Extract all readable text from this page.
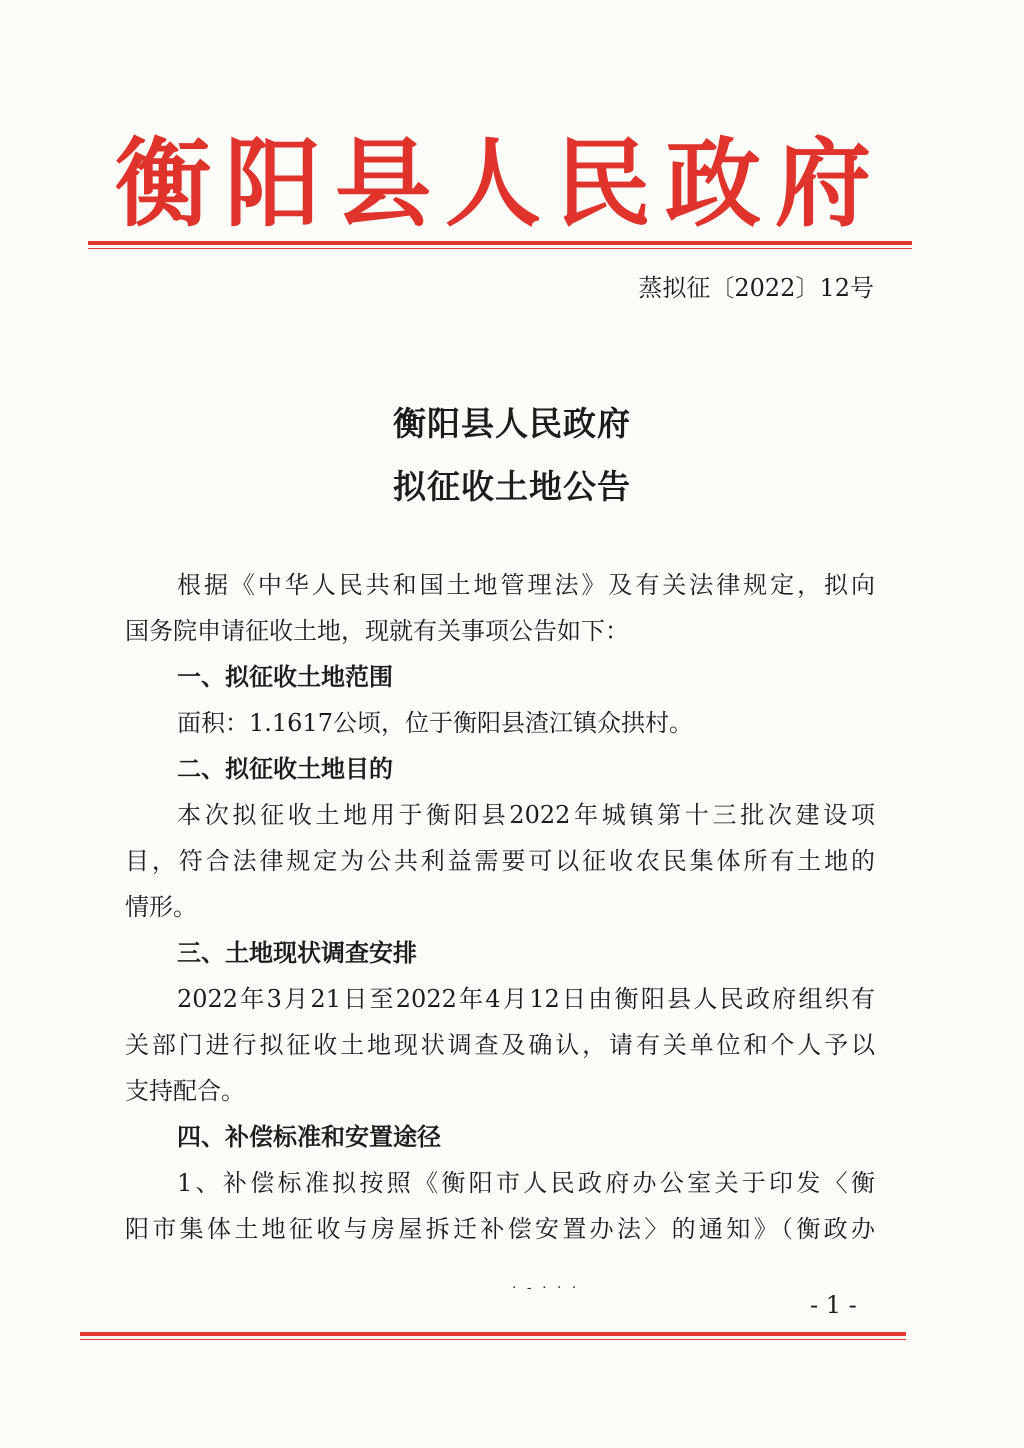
衡阳县人民政府
蒸拟征〔2022〕12号
衡阳县人民政府
拟征收土地公告

根据《中华人民共和国土地管理法》及有关法律规定，拟向
国务院申请征收土地，现就有关事项公告如下：

一、拟征收土地范围

面积：1.1617公顷，位于衡阳县渣江镇众拱村。

二、拟征收土地目的

本次拟征收土地用于衡阳县2022年城镇第十三批次建设项
目，符合法律规定为公共利益需要可以征收农民集体所有土地的
情形。

三、土地现状调查安排

2022年3月21日至2022年4月12日由衡阳县人民政府组织有
关部门进行拟征收土地现状调查及确认，请有关单位和个人予以
支持配合。

四、补偿标准和安置途径

1、补偿标准拟按照《衡阳市人民政府办公室关于印发〈衡
阳市集体土地征收与房屋拆迁补偿安置办法〉的通知》（衡政办

· - · · ·
- 1 -
